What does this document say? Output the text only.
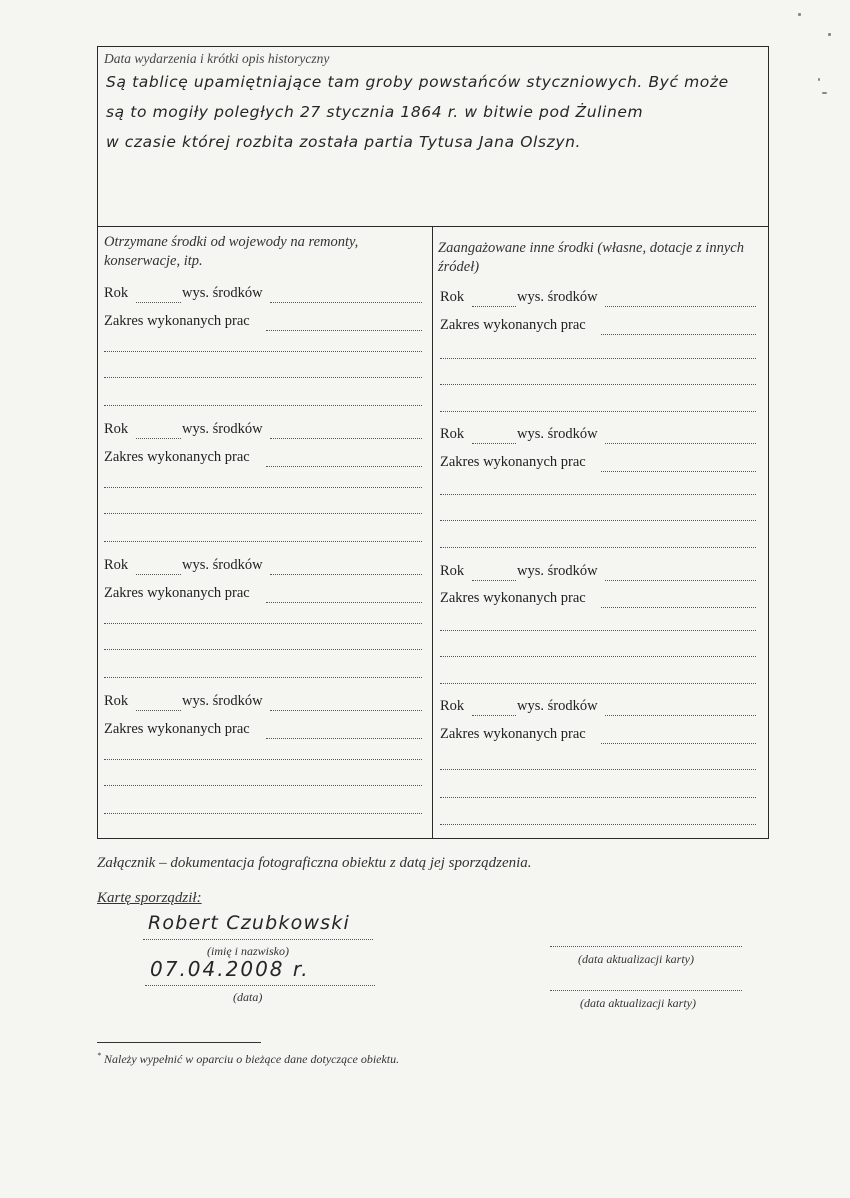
Data wydarzenia i krótki opis historyczny
Są tablicę upamiętniające tam groby powstańców styczniowych. Być może
są to mogiły poległych 27 stycznia 1864 r. w bitwie pod Żulinem
w czasie której rozbita została partia Tytusa Jana Olszyn.
Otrzymane środki od wojewody na remonty, konserwacje, itp.
Zaangażowane inne środki (własne, dotacje z innych źródeł)
Rok	wys. środków
Zakres wykonanych prac
Rok	wys. środków
Zakres wykonanych prac
Rok	wys. środków
Zakres wykonanych prac
Rok	wys. środków
Zakres wykonanych prac
Rok	wys. środków
Zakres wykonanych prac
Rok	wys. środków
Zakres wykonanych prac
Rok	wys. środków
Zakres wykonanych prac
Rok	wys. środków
Zakres wykonanych prac
Załącznik – dokumentacja fotograficzna obiektu z datą jej sporządzenia.
Kartę sporządził:
Robert Czubkowski
(imię i nazwisko)
07.04.2008 r.
(data)
(data aktualizacji karty)
(data aktualizacji karty)
* Należy wypełnić w oparciu o bieżące dane dotyczące obiektu.
